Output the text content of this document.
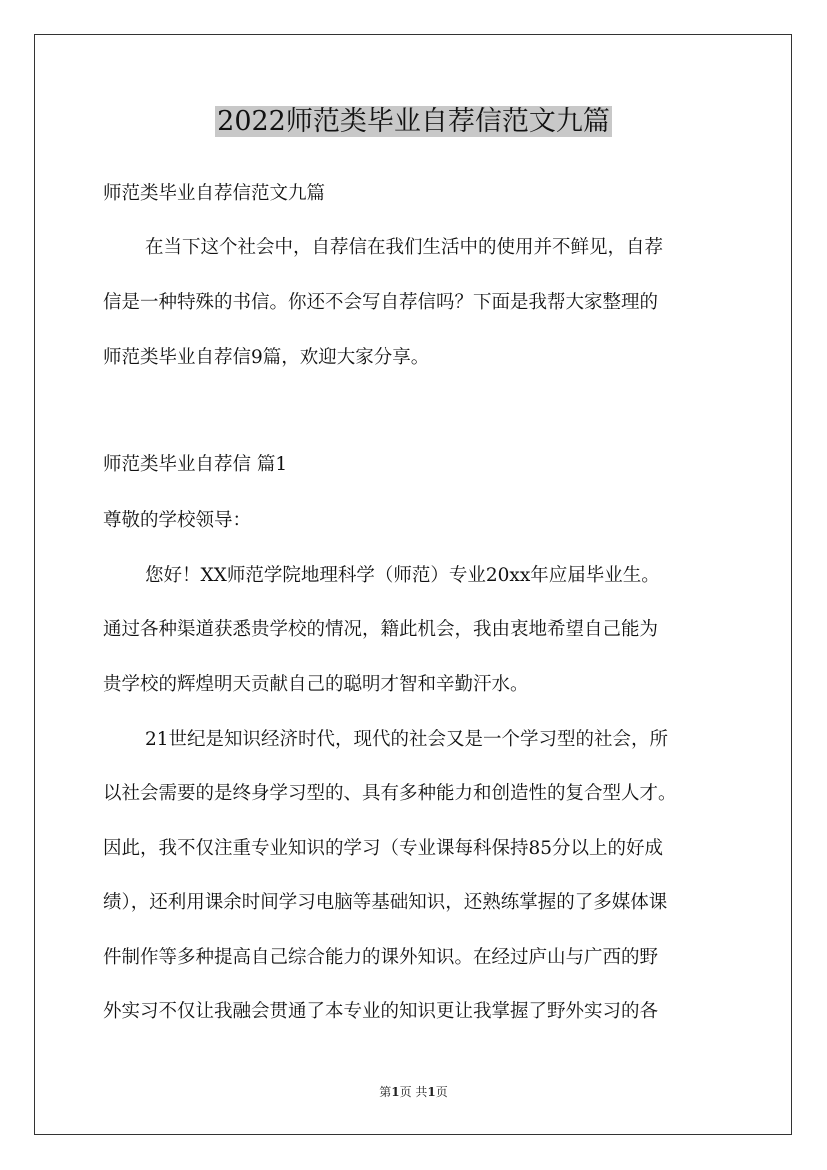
2022师范类毕业自荐信范文九篇
师范类毕业自荐信范文九篇
在当下这个社会中，自荐信在我们生活中的使用并不鲜见，自荐
信是一种特殊的书信。你还不会写自荐信吗？下面是我帮大家整理的
师范类毕业自荐信9篇，欢迎大家分享。
师范类毕业自荐信 篇1
尊敬的学校领导：
您好！XX师范学院地理科学（师范）专业20xx年应届毕业生。
通过各种渠道获悉贵学校的情况，籍此机会，我由衷地希望自己能为
贵学校的辉煌明天贡献自己的聪明才智和辛勤汗水。
21世纪是知识经济时代，现代的社会又是一个学习型的社会，所
以社会需要的是终身学习型的、具有多种能力和创造性的复合型人才。
因此，我不仅注重专业知识的学习（专业课每科保持85分以上的好成
绩），还利用课余时间学习电脑等基础知识，还熟练掌握的了多媒体课
件制作等多种提高自己综合能力的课外知识。在经过庐山与广西的野
外实习不仅让我融会贯通了本专业的知识更让我掌握了野外实习的各
第1页 共1页
